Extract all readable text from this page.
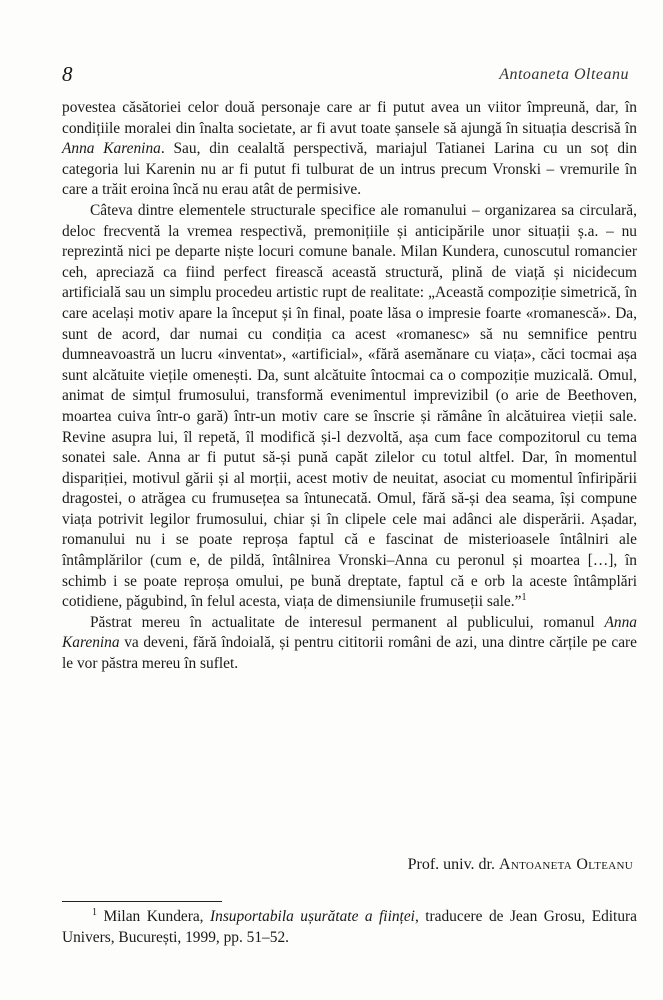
8	Antoaneta Olteanu

povestea căsătoriei celor două personaje care ar fi putut avea un viitor împreună, dar, în condițiile moralei din înalta societate, ar fi avut toate șansele să ajungă în situația descrisă în Anna Karenina. Sau, din cealaltă perspectivă, mariajul Tatianei Larina cu un soț din categoria lui Karenin nu ar fi putut fi tulburat de un intrus precum Vronski – vremurile în care a trăit eroina încă nu erau atât de permisive.

Câteva dintre elementele structurale specifice ale romanului – organizarea sa circulară, deloc frecventă la vremea respectivă, premonițiile și anticipările unor situații ș.a. – nu reprezintă nici pe departe niște locuri comune banale. Milan Kundera, cunoscutul romancier ceh, apreciază ca fiind perfect firească această structură, plină de viață și nicidecum artificială sau un simplu procedeu artistic rupt de realitate: „Această compoziție simetrică, în care același motiv apare la început și în final, poate lăsa o impresie foarte «romanescă». Da, sunt de acord, dar numai cu condiția ca acest «romanesc» să nu semnifice pentru dumneavoastră un lucru «inventat», «artificial», «fără asemănare cu viața», căci tocmai așa sunt alcătuite viețile omenești. Da, sunt alcătuite întocmai ca o compoziție muzicală. Omul, animat de simțul frumosului, transformă evenimentul imprevizibil (o arie de Beethoven, moartea cuiva într-o gară) într-un motiv care se înscrie și rămâne în alcătuirea vieții sale. Revine asupra lui, îl repetă, îl modifică și-l dezvoltă, așa cum face compozitorul cu tema sonatei sale. Anna ar fi putut să-și pună capăt zilelor cu totul altfel. Dar, în momentul dispariției, motivul gării și al morții, acest motiv de neuitat, asociat cu momentul înfiripării dragostei, o atrăgea cu frumusețea sa întunecată. Omul, fără să-și dea seama, își compune viața potrivit legilor frumosului, chiar și în clipele cele mai adânci ale disperării. Așadar, romanului nu i se poate reproșa faptul că e fascinat de misterioasele întâlniri ale întâmplărilor (cum e, de pildă, întâlnirea Vronski–Anna cu peronul și moartea […], în schimb i se poate reproșa omului, pe bună dreptate, faptul că e orb la aceste întâmplări cotidiene, păgubind, în felul acesta, viața de dimensiunile frumuseții sale.”$^1$

Păstrat mereu în actualitate de interesul permanent al publicului, romanul Anna Karenina va deveni, fără îndoială, și pentru cititorii români de azi, una dintre cărțile pe care le vor păstra mereu în suflet.

Prof. univ. dr. Antoaneta Olteanu

$^1$ Milan Kundera, Insuportabila ușurătate a ființei, traducere de Jean Grosu, Editura Univers, București, 1999, pp. 51–52.
